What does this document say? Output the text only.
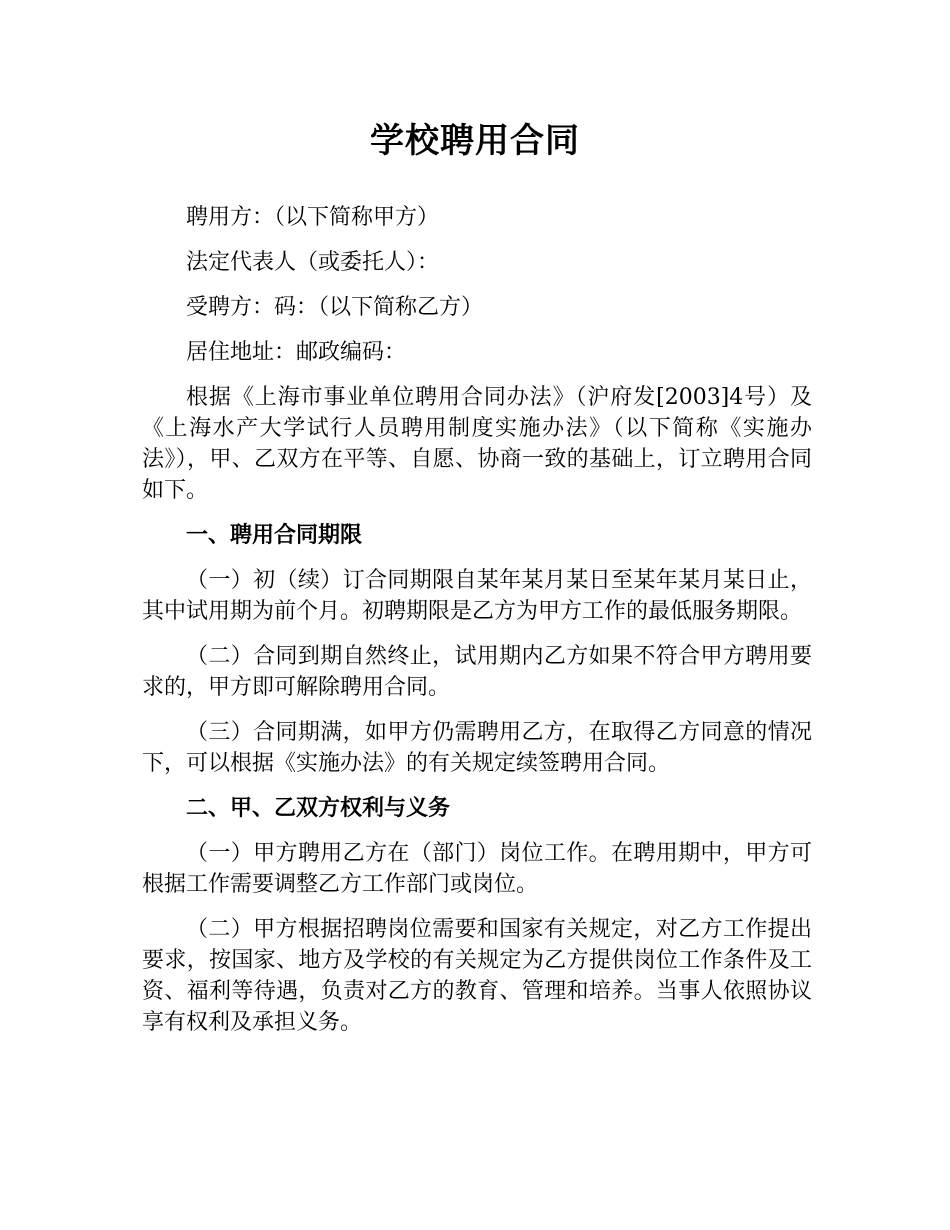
学校聘用合同

聘用方：（以下简称甲方）

法定代表人（或委托人）：

受聘方：码：（以下简称乙方）

居住地址：邮政编码：

根据《上海市事业单位聘用合同办法》（沪府发[2003]4号）及《上海水产大学试行人员聘用制度实施办法》（以下简称《实施办法》），甲、乙双方在平等、自愿、协商一致的基础上，订立聘用合同如下。

一、聘用合同期限

（一）初（续）订合同期限自某年某月某日至某年某月某日止，其中试用期为前个月。初聘期限是乙方为甲方工作的最低服务期限。

（二）合同到期自然终止，试用期内乙方如果不符合甲方聘用要求的，甲方即可解除聘用合同。

（三）合同期满，如甲方仍需聘用乙方，在取得乙方同意的情况下，可以根据《实施办法》的有关规定续签聘用合同。

二、甲、乙双方权利与义务

（一）甲方聘用乙方在（部门）岗位工作。在聘用期中，甲方可根据工作需要调整乙方工作部门或岗位。

（二）甲方根据招聘岗位需要和国家有关规定，对乙方工作提出要求，按国家、地方及学校的有关规定为乙方提供岗位工作条件及工资、福利等待遇，负责对乙方的教育、管理和培养。当事人依照协议享有权利及承担义务。
